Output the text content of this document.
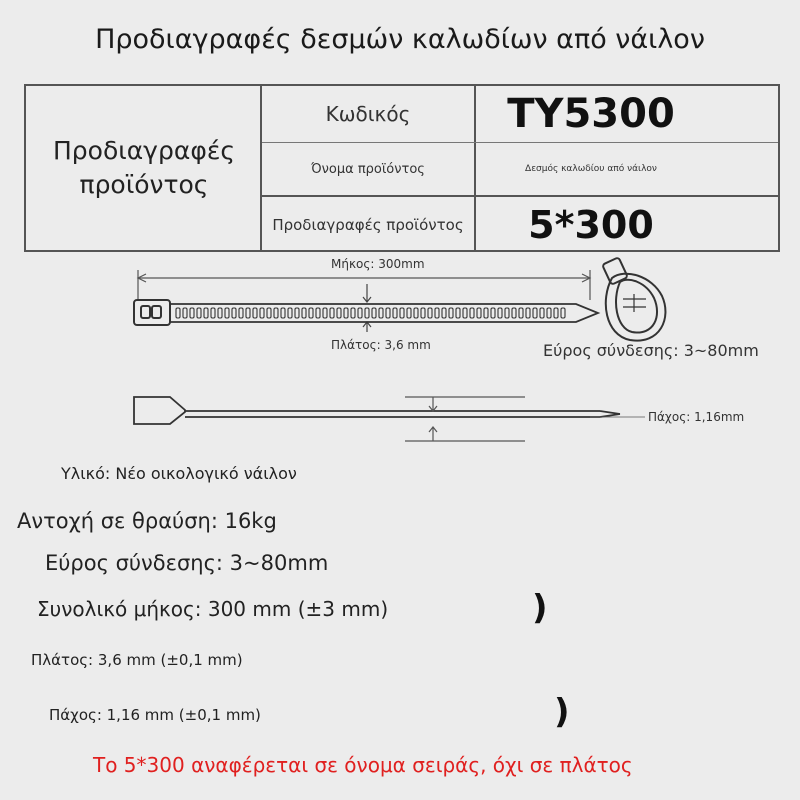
Προδιαγραφές δεσμών καλωδίων από νάιλον
Προδιαγραφές προϊόντος
Κωδικός TY5300
Όνομα προϊόντος	Δεσμός καλωδίου από νάιλον
Προδιαγραφές προϊόντος 5*300
Μήκος: 300mm
Πλάτος: 3,6 mm	Εύρος σύνδεσης: 3~80mm
Πάχος: 1,16mm
Υλικό: Νέο οικολογικό νάιλον
Αντοχή σε θραύση: 16kg
Εύρος σύνδεσης: 3~80mm
Συνολικό μήκος: 300 mm (±3 mm)	)
Πλάτος: 3,6 mm (±0,1 mm)
Πάχος: 1,16 mm (±0,1 mm)	)
Το 5*300 αναφέρεται σε όνομα σειράς, όχι σε πλάτος
